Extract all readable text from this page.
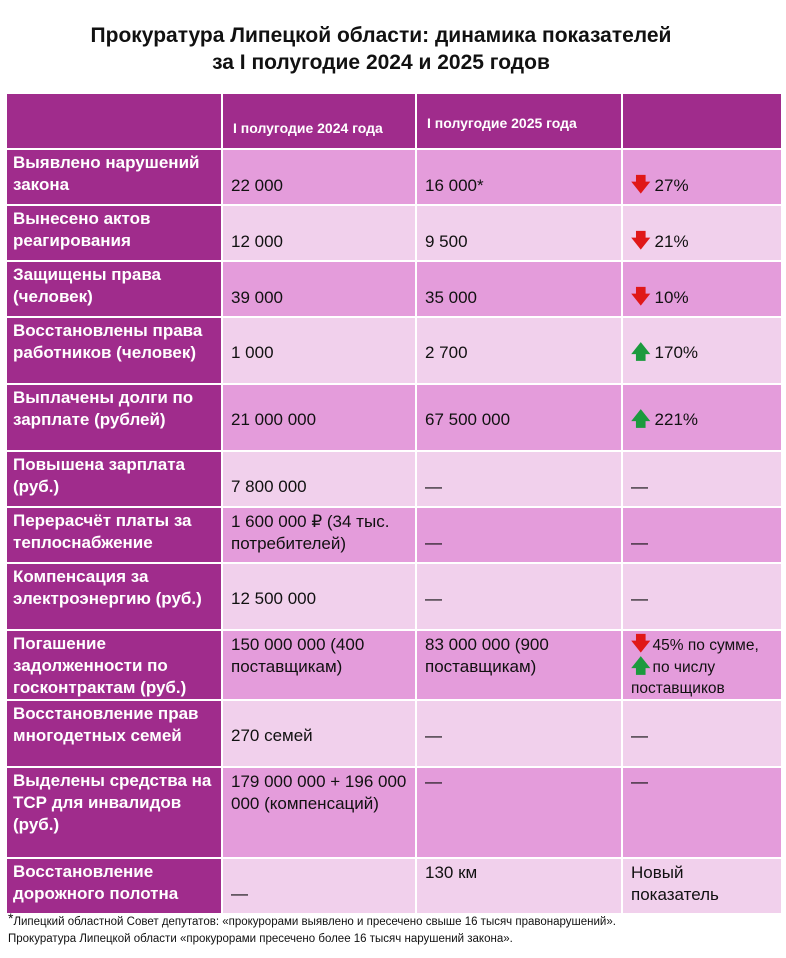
Прокуратура Липецкой области: динамика показателей
за I полугодие 2024 и 2025 годов

	I полугодие 2024 года	I полугодие 2025 года	

Выявлено нарушений закона	22 000	16 000*	🡇 27%
Вынесено актов реагирования	12 000	9 500	🡇 21%
Защищены права (человек)	39 000	35 000	🡇 10%
Восстановлены права работников (человек)	1 000	2 700	🡅 170%
Выплачены долги по зарплате (рублей)	21 000 000	67 500 000	🡅 221%
Повышена зарплата (руб.)	7 800 000	—	—
Перерасчёт платы за теплоснабжение	1 600 000 ₽ (34 тыс. потребителей)	—	—
Компенсация за электроэнергию (руб.)	12 500 000	—	—
Погашение задолженности по госконтрактам (руб.)	150 000 000 (400 поставщикам)	83 000 000 (900 поставщикам)	🡇 45% по сумме,
🡅 по числу поставщиков

Восстановление прав многодетных семей	270 семей	—	—
Выделены средства на ТСР для инвалидов (руб.)	179 000 000 + 196 000 000 (компенсаций)	—	—
Восстановление дорожного полотна	—	130 км	Новый показатель
*Липецкий областной Совет депутатов: «прокурорами выявлено и пресечено свыше 16 тысяч правонарушений».
Прокуратура Липецкой области «прокурорами пресечено более 16 тысяч нарушений закона».
